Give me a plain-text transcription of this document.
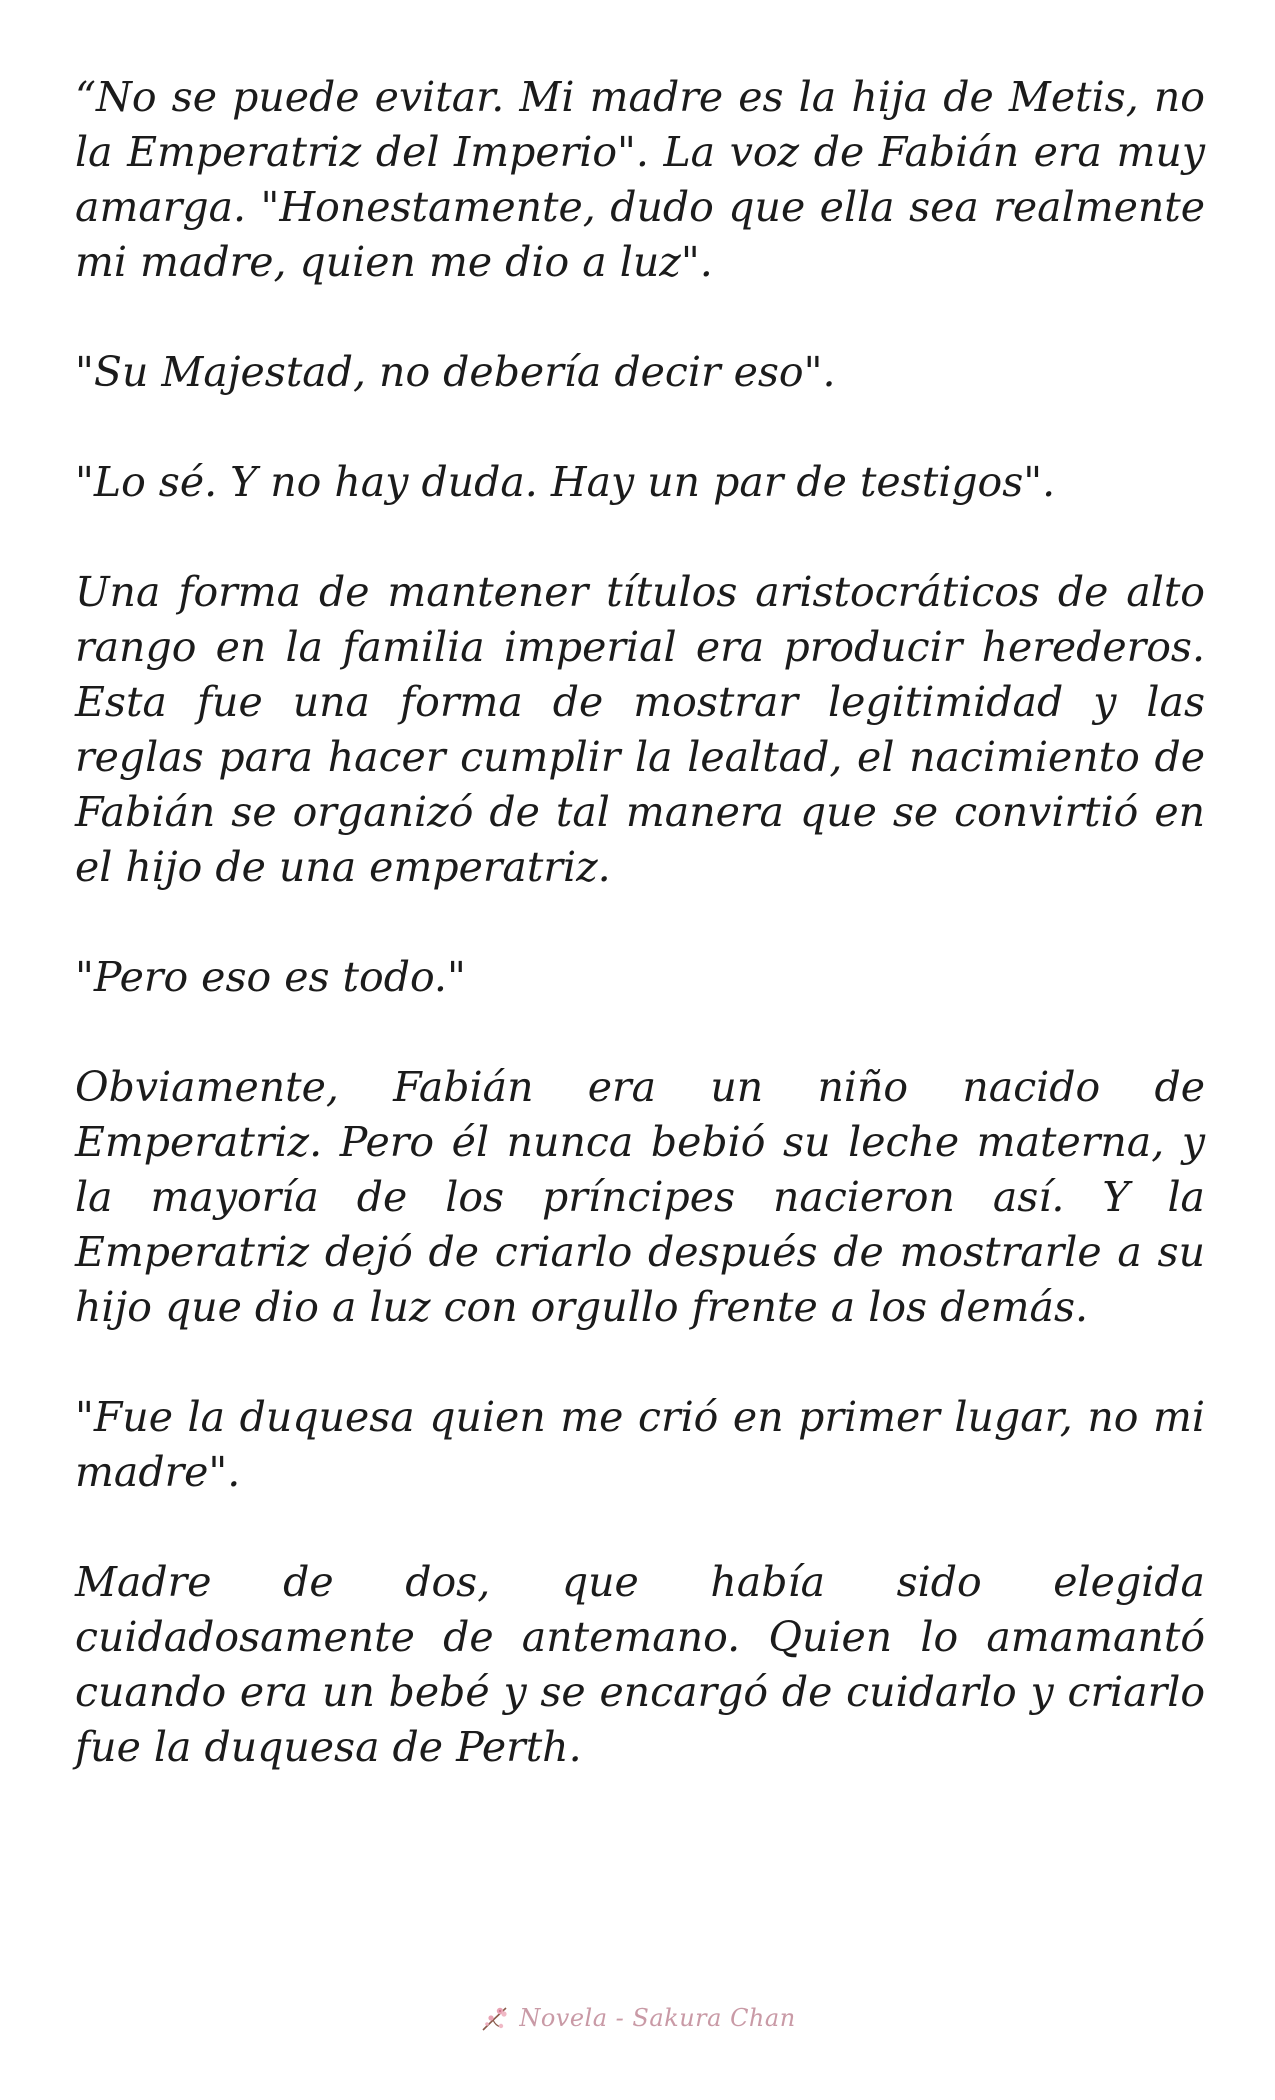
“No se puede evitar. Mi madre es la hija de Metis, no la Emperatriz del Imperio". La voz de Fabián era muy amarga. "Honestamente, dudo que ella sea realmente mi madre, quien me dio a luz".

"Su Majestad, no debería decir eso".

"Lo sé. Y no hay duda. Hay un par de testigos".

Una forma de mantener títulos aristocráticos de alto rango en la familia imperial era producir herederos. Esta fue una forma de mostrar legitimidad y las reglas para hacer cumplir la lealtad, el nacimiento de Fabián se organizó de tal manera que se convirtió en el hijo de una emperatriz.

"Pero eso es todo."

Obviamente, Fabián era un niño nacido de Emperatriz. Pero él nunca bebió su leche materna, y la mayoría de los príncipes nacieron así. Y la Emperatriz dejó de criarlo después de mostrarle a su hijo que dio a luz con orgullo frente a los demás.

"Fue la duquesa quien me crió en primer lugar, no mi madre".

Madre de dos, que había sido elegida cuidadosamente de antemano. Quien lo amamantó cuando era un bebé y se encargó de cuidarlo y criarlo fue la duquesa de Perth.

Novela - Sakura Chan
